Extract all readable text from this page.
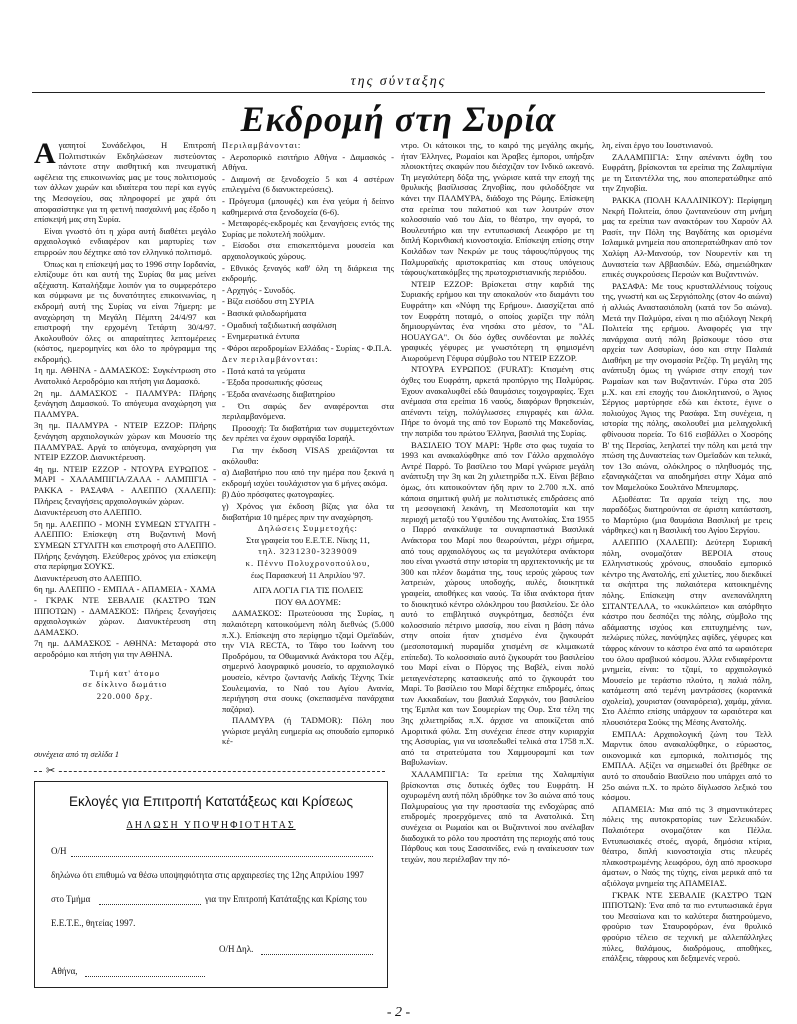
της σύνταξης
Εκδρομή στη Συρία

Αγαπητοί Συνάδελφοι, Η Επιτροπή Πολιτιστικών Εκδηλώσεων πιστεύοντας πάντοτε στην αισθητική και πνευματική ωφέλεια της επικοινωνίας μας με τους πολιτισμούς των άλλων χωρών και ιδιαίτερα του περί και εγγύς της Μεσογείου, σας πληροφορεί με χαρά ότι αποφασίστηκε για τη φετινή πασχαλινή μας έξοδο η επίσκεψή μας στη Συρία.

Είναι γνωστό ότι η χώρα αυτή διαθέτει μεγάλο αρχαιολογικό ενδιαφέρον και μαρτυρίες των επιρροών που δέχτηκε από τον ελληνικό πολιτισμό.

Όπως και η επίσκεψή μας το 1996 στην Ιορδανία, ελπίζουμε ότι και αυτή της Συρίας θα μας μείνει αξέχαστη. Καταλήξαμε λοιπόν για το συμφερότερο και σύμφωνα με τις δυνατότητες επικοινωνίας, η εκδρομή αυτή της Συρίας να είναι 7ήμερη: με αναχώρηση τη Μεγάλη Πέμπτη 24/4/97 και επιστροφή την ερχομένη Τετάρτη 30/4/97. Ακολουθούν όλες οι απαραίτητες λεπτομέρειες (κόστος, ημερομηνίες και όλο το πρόγραμμα της εκδρομής).

1η ημ. ΑΘΗΝΑ - ΔΑΜΑΣΚΟΣ: Συγκέντρωση στο Ανατολικό Αεροδρόμιο και πτήση για Δαμασκό.

2η ημ. ΔΑΜΑΣΚΟΣ - ΠΑΛΜΥΡΑ: Πλήρης ξενάγηση Δαμασκού. Το απόγευμα αναχώρηση για ΠΑΛΜΥΡΑ.

3η ημ. ΠΑΛΜΥΡΑ - ΝΤΕΙΡ ΕΖΖΟΡ: Πλήρης ξενάγηση αρχαιολογικών χώρων και Μουσείο της ΠΑΛΜΥΡΑΣ. Αργά το απόγευμα, αναχώρηση για ΝΤΕΙΡ ΕΖΖΟΡ. Διανυκτέρευση.

4η ημ. ΝΤΕΙΡ ΕΖΖΟΡ - ΝΤΟΥΡΑ ΕΥΡΩΠΟΣ - ΜΑΡΙ - ΧΑΛΑΜΠΙΓΙΑ/ΖΑΛΑ - ΛΑΜΠΙΓΙΑ - ΡΑΚΚΑ - ΡΑΣΑΦΑ - ΑΛΕΠΠΟ (ΧΑΛΕΠΙ): Πλήρεις ξεναγήσεις αρχαιολογικών χώρων.

Διανυκτέρευση στο ΑΛΕΠΠΟ.

5η ημ. ΑΛΕΠΠΟ - ΜΟΝΗ ΣΥΜΕΩΝ ΣΤΥΛΙΤΗ - ΑΛΕΠΠΟ: Επίσκεψη στη Βυζαντινή Μονή ΣΥΜΕΩΝ ΣΤΥΛΙΤΗ και επιστροφή στο ΑΛΕΠΠΟ. Πλήρης ξενάγηση. Ελεύθερος χρόνος για επίσκεψη στα περίφημα ΣΟΥΚΣ.

Διανυκτέρευση στο ΑΛΕΠΠΟ.

6η ημ. ΑΛΕΠΠΟ - ΕΜΠΛΑ - ΑΠΑΜΕΙΑ - ΧΑΜΑ - ΓΚΡΑΚ ΝΤΕ ΣΕΒΑΛΙΕ (ΚΑΣΤΡΟ ΤΩΝ ΙΠΠΟΤΩΝ) - ΔΑΜΑΣΚΟΣ: Πλήρεις ξεναγήσεις αρχαιολογικών χώρων. Διανυκτέρευση στη ΔΑΜΑΣΚΟ.

7η ημ. ΔΑΜΑΣΚΟΣ - ΑΘΗΝΑ: Μεταφορά στο αεροδρόμιο και πτήση για την ΑΘΗΝΑ.

Τιμή κατ' άτομο

σε δίκλινο δωμάτιο

220.000 δρχ.

Περιλαμβάνονται:

- Αεροπορικό εισιτήριο Αθήνα - Δαμασκός - Αθήνα.

- Διαμονή σε ξενοδοχείο 5 και 4 αστέρων επιλεγμένα (6 διανυκτερεύσεις).

- Πρόγευμα (μπουφές) και ένα γεύμα ή δείπνο καθημερινά στα ξενοδοχεία (6-6).

- Μεταφορές-εκδρομές και ξεναγήσεις εντός της Συρίας με πολυτελή πούλμαν.

- Είσοδοι στα επισκεπτόμενα μουσεία και αρχαιολογικούς χώρους.

- Εθνικός ξεναγός καθ' όλη τη διάρκεια της εκδρομής.

- Αρχηγός - Συνοδός.

- Βίζα εισόδου στη ΣΥΡΙΑ

- Βασικά φιλοδωρήματα

- Ομαδική ταξιδιωτική ασφάλιση

- Ενημερωτικά έντυπα

- Φόροι αεροδρομίων Ελλάδας - Συρίας - Φ.Π.Α.

Δεν περιλαμβάνονται:

- Ποτά κατά τα γεύματα

- Έξοδα προσωπικής φύσεως

- Έξοδα ανανέωσης διαβατηρίου

- Ότι σαφώς δεν αναφέρονται στα περιλαμβανόμενα.

Προσοχή: Τα διαβατήρια των συμμετεχόντων δεν πρέπει να έχουν σφραγίδα Ισραήλ.

Για την έκδοση VISAS χρειάζονται τα ακόλουθα:

α) Διαβατήριο που από την ημέρα που ξεκινά η εκδρομή ισχύει τουλάχιστον για 6 μήνες ακόμα.

β) Δύο πρόσφατες φωτογραφίες.

γ) Χρόνος για έκδοση βίζας για όλα τα διαβατήρια 10 ημέρες πριν την αναχώρηση.

Δηλώσεις Συμμετοχής:

Στα γραφεία του Ε.Ε.Τ.Ε. Νίκης 11,

τηλ. 3231230-3239009

κ. Πέννυ Πολυχρονοπούλου,

έως Παρασκευή 11 Απριλίου '97.

ΛΙΓΑ ΛΟΓΙΑ ΓΙΑ ΤΙΣ ΠΟΛΕΙΣ

ΠΟΥ ΘΑ ΔΟΥΜΕ:

ΔΑΜΑΣΚΟΣ: Πρωτεύουσα της Συρίας, η παλαιότερη κατοικούμενη πόλη διεθνώς (5.000 π.Χ.). Επίσκεψη στο περίφημο τζαμί Ομεϊαδών, την VIA RECTA, το Τάφο του Ιωάννη του Προδρόμου, τα Οθωμανικά Ανάκτορα του Αζέμ, σημερινό λαογραφικό μουσείο, το αρχαιολογικό μουσείο, κέντρο ζωντανής Λαϊκής Τέχνης Τκίε Σουλειμανία, το Ναό του Αγίου Ανανία, περιήγηση στα σουκς (σκεπασμένα πανάρχαια παζάρια).

ΠΑΛΜΥΡΑ (ή TADMOR): Πόλη που γνώρισε μεγάλη ευημερία ως σπουδαίο εμπορικό κέ-

ντρο. Οι κάτοικοι της, το καιρό της μεγάλης ακμής, ήταν Έλληνες, Ρωμαίοι και Άραβες έμποροι, υπήρξαν πλοιοκτήτες σκαφών που διέσχιζαν τον Ινδικό ωκεανό. Τη μεγαλύτερη δόξα της, γνώρισε κατά την εποχή της θρυλικής βασίλισσας Ζηνοβίας, που φιλοδόξησε να κάνει την ΠΑΛΜΥΡΑ, διάδοχο της Ρώμης. Επίσκεψη στα ερείπια του παλατιού και των λουτρών στον κολοσσιαίο ναό του Δία, το θέατρο, την αγορά, το Βουλευτήριο και την εντυπωσιακή Λεωφόρο με τη διπλή Κορινθιακή κιονοστοιχία. Επίσκεψη επίσης στην Κοιλάδων των Νεκρών με τους τάφους/πύργους της Παλμυραϊκής αριστοκρατίας και στους υπόγειους τάφους/κατακόμβες της πρωτοχριστιανικής περιόδου.

ΝΤΕΙΡ ΕΖΖΟΡ: Βρίσκεται στην καρδιά της Συριακής ερήμου και την αποκαλούν «το διαμάντι του Ευφράτη» και «Νύφη της Ερήμου». Διασχίζεται από τον Ευφράτη ποταμό, ο οποίος χωρίζει την πόλη δημιουργώντας ένα νησάκι στο μέσον, το "AL HOUAYGA". Οι δύο όχθες συνδέονται με πολλές γραφικές γέφυρες με γνωστότερη τη φημισμένη Αιωρούμενη Γέφυρα σύμβολο του ΝΤΕΙΡ ΕΖΖΟΡ.

ΝΤΟΥΡΑ ΕΥΡΩΠΟΣ (FURAT): Κτισμένη στις όχθες του Ευφράτη, αρκετά προπύργιο της Παλμύρας. Έχουν ανακαλυφθεί εδώ θαυμάσιες τοιχογραφίες. Έχει ανέμασα στα ερείπια 16 ναούς, διαφόρων θρησκειών, απέναντι τείχη, πολύγλωσσες επιγραφές και άλλα. Πήρε το όνομά της από τον Ευρωπό της Μακεδονίας, την πατρίδα του πρώτου Έλληνα, βασιλιά της Συρίας.

ΒΑΣΙΛΕΙΟ ΤΟΥ ΜΑΡΙ: Ήρθε στο φως τυχαία το 1993 και ανακαλύφθηκε από τον Γάλλο αρχαιολόγο Αντρέ Παρρό. Το βασίλειο του Μαρί γνώρισε μεγάλη ανάπτυξη την 3η και 2η χιλιετηρίδα π.Χ. Είναι βέβαιο όμως, ότι κατοικούνταν ήδη πριν το 2.700 π.Χ. από κάποια σημιτική φυλή με πολιτιστικές επιδράσεις από τη μεσογειακή λεκάνη, τη Μεσοποταμία και την περιοχή μεταξύ του Υψιπέδου της Ανατολίας. Στα 1955 ο Παρρό ανακάλυψε τα συναρπαστικά Βασιλικά Ανάκτορα του Μαρί που θεωρούνται, μέχρι σήμερα, από τους αρχαιολόγους ως τα μεγαλύτερα ανάκτορα που είναι γνωστά στην ιστορία τη αρχιτεκτονικής με τα 300 και πλέον δωμάτια της, τους ιερούς χώρους των λατρειών, χώρους υποδοχής, αυλές, διοικητικά γραφεία, αποθήκες και ναούς. Τα ίδια ανάκτορα ήταν το διοικητικό κέντρο ολόκληρου του βασιλείου. Σε όλο αυτό το επιβλητικό συγκρότημα, δεσπόζει ένα κολοσσιαίο πέτρινο μασσίφ, που είναι η βάση πάνω στην οποία ήταν χτισμένο ένα ζιγκουράτ (μεσοποταμική πυραμίδα χτισμένη σε κλιμακωτά επίπεδα). Το κολοσσιαίο αυτό ζιγκουράτ του βασιλείου του Μαρί είναι ο Πύργος της Βαβέλ, είναι πολύ μεταγενέστερης κατασκευής από το ζιγκουράτ του Μαρί. Το βασίλειο του Μαρί δέχτηκε επιδρομές, όπως των Ακκαδαίων, του βασιλιά Σαργκόν, του βασιλείου της Έμπλα και των Σουμερίων της Ουρ. Στα τέλη της 3ης χιλιετηρίδας π.Χ. άρχισε να αποικίζεται από Αμοριτικά φύλα. Στη συνέχεια έπεσε στην κυριαρχία της Ασσυρίας, για να ισοπεδωθεί τελικά στα 1758 π.Χ. από τα στρατεύματα του Χαμμουραμπί και των Βαβυλωνίων.

ΧΑΛΑΜΠΙΓΙΑ: Τα ερείπια της Χαλαμπίγια βρίσκονται στις δυτικές όχθες του Ευφράτη. Η οχυρωμένη αυτή πόλη ιδρύθηκε τον 3ο αιώνα από τους Παλμυραίους για την προστασία της ενδοχώρας από επιδρομές προερχόμενες από τα Ανατολικά. Στη συνέχεια οι Ρωμαίοι και οι Βυζαντινοί που ανέλαβαν διαδοχικά το ρόλο του προστάτη της περιοχής από τους Πάρθους και τους Σασσανίδες, ενώ η αναίκευσαν των τειχών, που περιέλαβαν την πό-

λη, είναι έργο του Ιουστινιανού.

ΖΑΛΑΜΠΙΓΙΑ: Στην απέναντι όχθη του Ευφράτη, βρίσκονται τα ερείπια της Ζαλαμπίγια με τη Σιταντέλλα της, που αποπερατώθηκε από την Ζηνοβία.

ΡΑΚΚΑ (ΠΟΛΗ ΚΑΛΛΙΝΙΚΟΥ): Περίφημη Νεκρή Πολιτεία, όπου ζωντανεύουν στη μνήμη μας τα ερείπια των ανακτόρων του Χαρούν Αλ Ρασίτ, την Πόλη της Βαγδάτης και ορισμένα Ισλαμικά μνημεία που αποπερατώθηκαν από τον Χαλίφη Αλ-Μανσούρ, τον Νουρεντίν και τη Δυναστεία των Αββασιδών. Εδώ, σημειώθηκαν επικές συγκρούσεις Περσών και Βυζαντινών.

ΡΑΣΑΦΑ: Με τους κρυσταλλένιους τοίχους της, γνωστή και ως Σεργιόπολης (στον 4ο αιώνα) ή αλλιώς Αναστασιόπολη (κατά τον 5ο αιώνα). Μετά την Παλμύρα, είναι η πιο αξιόλογη Νεκρή Πολιτεία της ερήμου. Αναφορές για την πανάρχαια αυτή πόλη βρίσκουμε τόσο στα αρχεία των Ασσυρίων, όσο και στην Παλαιά Διαθήκη με την ονομασία Ρεζέφ. Τη μεγάλη της ανάπτυξη όμως τη γνώρισε στην εποχή των Ρωμαίων και των Βυζαντινών. Γύρω στα 205 μ.Χ. και επί εποχής του Διοκλητιανού, ο Άγιος Σέργιος μαρτύρησε εδώ και έκτοτε, έγινε ο πολιούχος Άγιος της Ρασάφα. Στη συνέχεια, η ιστορία της πόλης, ακολουθεί μια μελαγχολική φθίνουσα πορεία. Το 616 εισβάλλει ο Χοσρόης Β' της Περσίας, λεηλατεί την πόλη και μετά την πτώση της Δυναστείας των Ομεϊαδών και τελικά, τον 13ο αιώνα, ολόκληρος ο πληθυσμός της, εξαναγκάζεται να αποδημήσει στην Χάμα από τον Μαμελούκο Σουλτάνο Μπευμπαρς.

Αξιοθέατα: Τα αρχαία τείχη της, που παραδόξως διατηρούνται σε άριστη κατάσταση, το Μαρτύριο (μια θαυμάσια Βασιλική με τρεις νάρθηκες) και η Βασιλική του Αγίου Σεργίου.

ΑΛΕΠΠΟ (ΧΑΛΕΠΙ): Δεύτερη Συριακή πόλη, ονομαζόταν ΒΕΡΟΙΑ στους Ελληνιστικούς χρόνους, σπουδαίο εμπορικό κέντρο της Ανατολής, επί χιλιετίες, που διεκδικεί τα σκήπτρα της παλαιότερα κατοικημένης πόλης. Επίσκεψη στην ανεπανάληπτη ΣΙΤΑΝΤΕΛΛΑ, το «κυκλώπειο» και απόρθητο κάστρο που δεσπόζει της πόλης, σύμβολο της αδάμαστης ισχύος και επιτυχημένης των, πελώριες πύλες, πανύψηλες αψίδες, γέφυρες και τάφρος κάνουν το κάστρο ένα από τα ωραιότερα του όλου αραβικού κόσμου. Άλλα ενδιαφέροντα μνημεία, είναι: το τζαμί, το αρχαιολογικό Μουσείο με τεράστιο πλούτο, η παλιά πόλη, κατάμεστη από τεμένη μαντράσσες (κορανικά σχολεία), χουρισταν (σαναρόρεια), χαμάμ, χάνια. Στο Αλέππο επίσης υπάρχουν τα ωραιότερα και πλουσιότερα Σούκς της Μέσης Ανατολής.

ΕΜΠΛΑ: Αρχαιολογική ζώνη του Τελλ Μαρντικ όπου ανακαλύφθηκε, ο εύρωστος, οικονομικά και εμπορικά, πολιτισμός της ΕΜΠΛΑ. Αξίζει να σημειωθεί ότι βρέθηκε σε αυτό το σπουδαίο Βασίλειο που υπάρχει από το 25ο αιώνα π.Χ. το πρώτο δίγλωσσο λεξικό του κόσμου.

ΑΠΑΜΕΙΑ: Μια από τις 3 σημαντικότερες πόλεις της αυτοκρατορίας των Σελευκιδών. Παλαιότερα ονομαζόταν και Πέλλα. Εντυπωσιακές στοές, αγορά, δημόσια κτίρια, θέατρο, διπλή κιονοστοιχία στις πλευρές πλακοστρωμένης λεωφόρου, όχη από προσκυρσ άματων, ο Ναός της τύχης, είναι μερικά από τα αξιόλογα μνημεία της ΑΠΑΜΕΙΑΣ.

ΓΚΡΑΚ ΝΤΕ ΣΕΒΑΛΙΕ (ΚΑΣΤΡΟ ΤΩΝ ΙΠΠΟΤΩΝ): Ένα από τα πιο εντυπωσιακά έργα του Μεσαίωνα και το καλύτερα διατηρούμενο, φρούριο των Σταυροφόρων, ένα θρυλικό φρούριο τέλειο σε τεχνική με αλλεπάλληλες πύλες, θαλάμους, διαδρόμους, αποθήκες, επάλξεις, τάφρους και δεξαμενές νερού.

συνέχεια από τη σελίδα 1
✂
Εκλογές για Επιτροπή Κατατάξεως και Κρίσεως
ΔΗΛΩΣΗ ΥΠΟΨΗΦΙΟΤΗΤΑΣ
Ο/Η
δηλώνω ότι επιθυμώ να θέσω υποψηφιότητα στις αρχαιρεσίες της 12ης Απριλίου 1997
στο Τμήμα	για την Επιτροπή Κατάταξης και Κρίσης του
Ε.Ε.Τ.Ε., θητείας 1997.
Ο/Η Δηλ.
Αθήνα,
- 2 -
